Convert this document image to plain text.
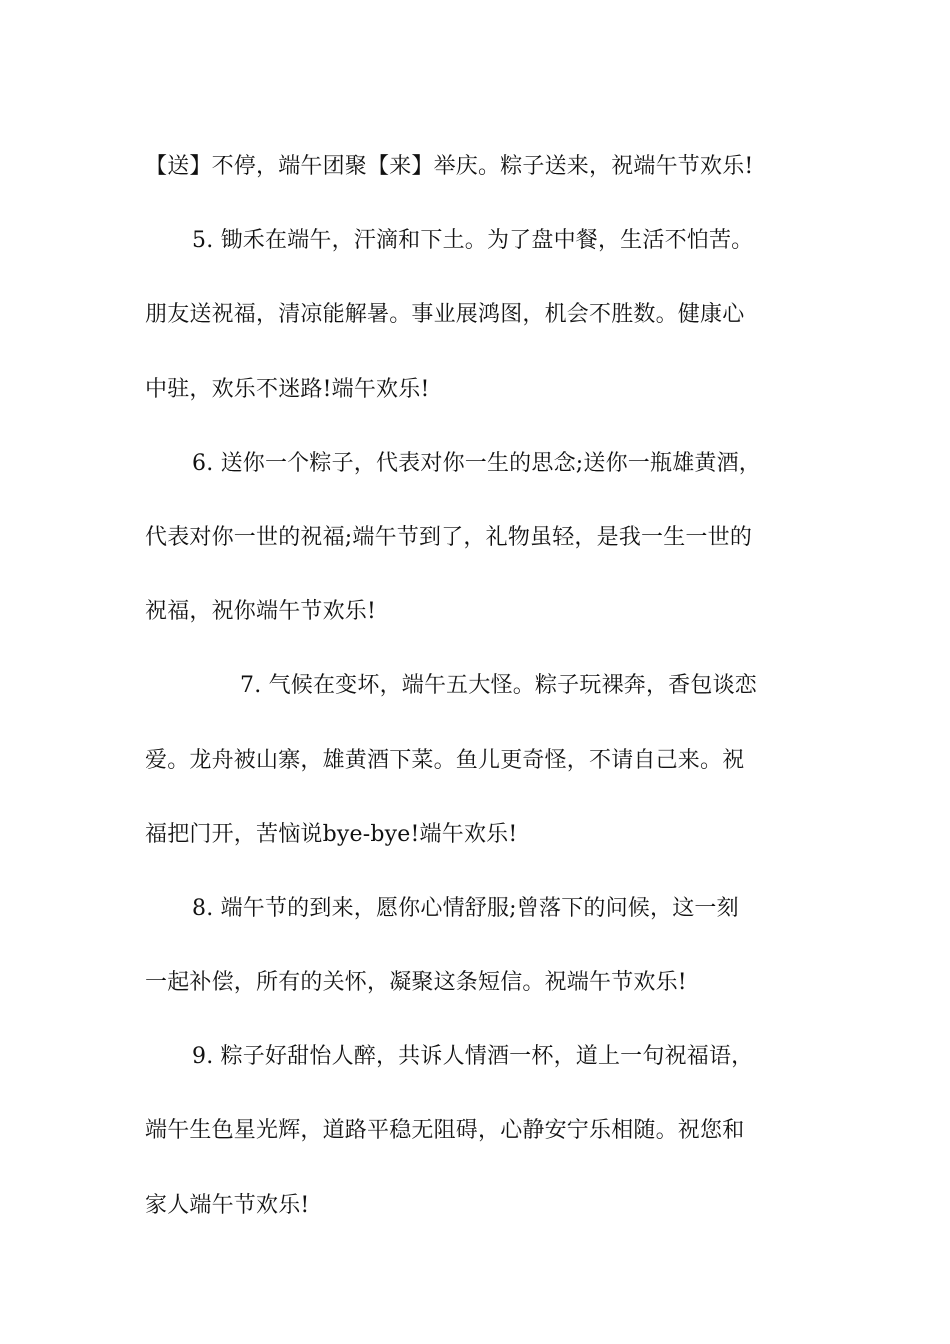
【送】不停，端午团聚【来】举庆。粽子送来，祝端午节欢乐!
5. 锄禾在端午，汗滴和下土。为了盘中餐，生活不怕苦。
朋友送祝福，清凉能解暑。事业展鸿图，机会不胜数。健康心
中驻，欢乐不迷路!端午欢乐!
6. 送你一个粽子，代表对你一生的思念;送你一瓶雄黄酒，
代表对你一世的祝福;端午节到了，礼物虽轻，是我一生一世的
祝福，祝你端午节欢乐!
7. 气候在变坏，端午五大怪。粽子玩裸奔，香包谈恋
爱。龙舟被山寨，雄黄酒下菜。鱼儿更奇怪，不请自己来。祝
福把门开，苦恼说bye-bye!端午欢乐!
8. 端午节的到来，愿你心情舒服;曾落下的问候，这一刻
一起补偿，所有的关怀，凝聚这条短信。祝端午节欢乐!
9. 粽子好甜怡人醉，共诉人情酒一杯，道上一句祝福语，
端午生色星光辉，道路平稳无阻碍，心静安宁乐相随。祝您和
家人端午节欢乐!
